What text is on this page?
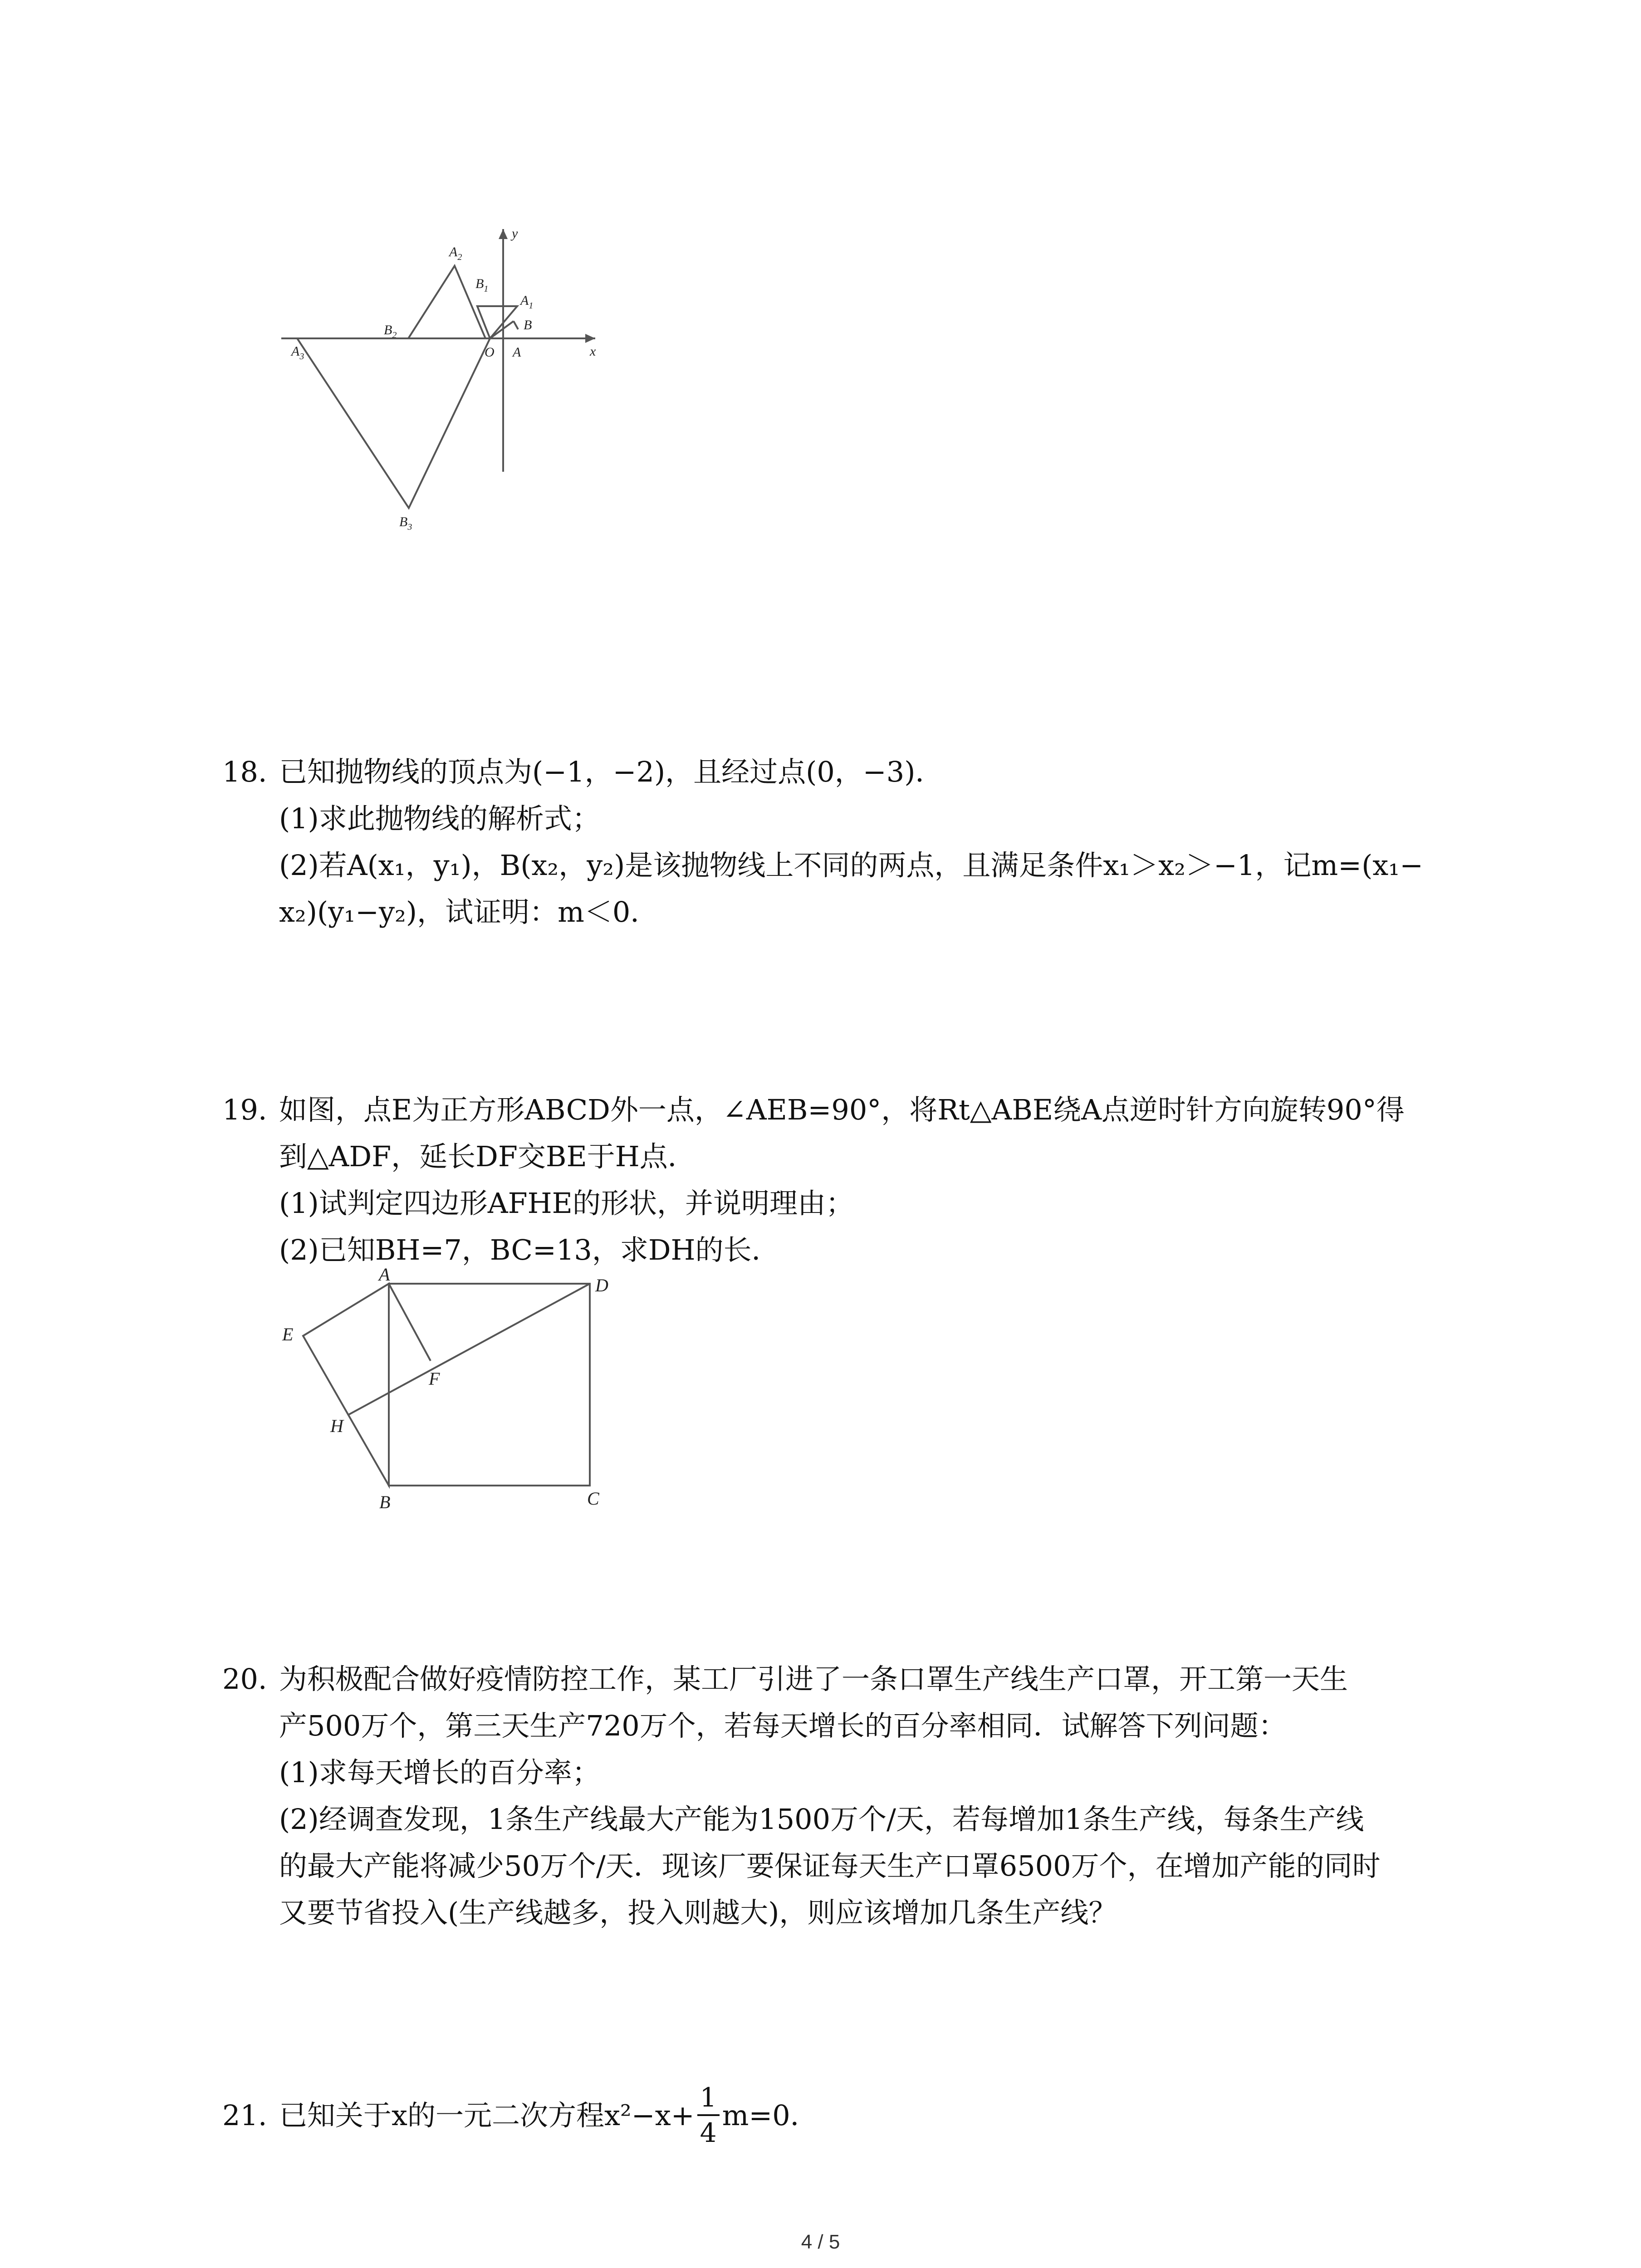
y
x
O A
B
$A_1$
$B_1$
$A_2$
$B_2$
$A_3$
$B_3$
18. 已知抛物线的顶点为(−1，−2)，且经过点(0，−3)．
(1)求此抛物线的解析式；
(2)若A(x₁，y₁)，B(x₂，y₂)是该抛物线上不同的两点，且满足条件x₁＞x₂＞−1，记m=(x₁−
x₂)(y₁−y₂)，试证明：m＜0．
19. 如图，点E为正方形ABCD外一点，∠AEB=90°，将Rt△ABE绕A点逆时针方向旋转90°得
到△ADF，延长DF交BE于H点．
(1)试判定四边形AFHE的形状，并说明理由；
(2)已知BH=7，BC=13，求DH的长．
A
D
E
F
H
B	C
20. 为积极配合做好疫情防控工作，某工厂引进了一条口罩生产线生产口罩，开工第一天生
产500万个，第三天生产720万个，若每天增长的百分率相同．试解答下列问题：
(1)求每天增长的百分率；
(2)经调查发现，1条生产线最大产能为1500万个/天，若每增加1条生产线，每条生产线
的最大产能将减少50万个/天．现该厂要保证每天生产口罩6500万个，在增加产能的同时
又要节省投入(生产线越多，投入则越大)，则应该增加几条生产线？
21. 已知关于x的一元二次方程$x^2-x+ \frac{1}{4} m=0$．
4 / 5
